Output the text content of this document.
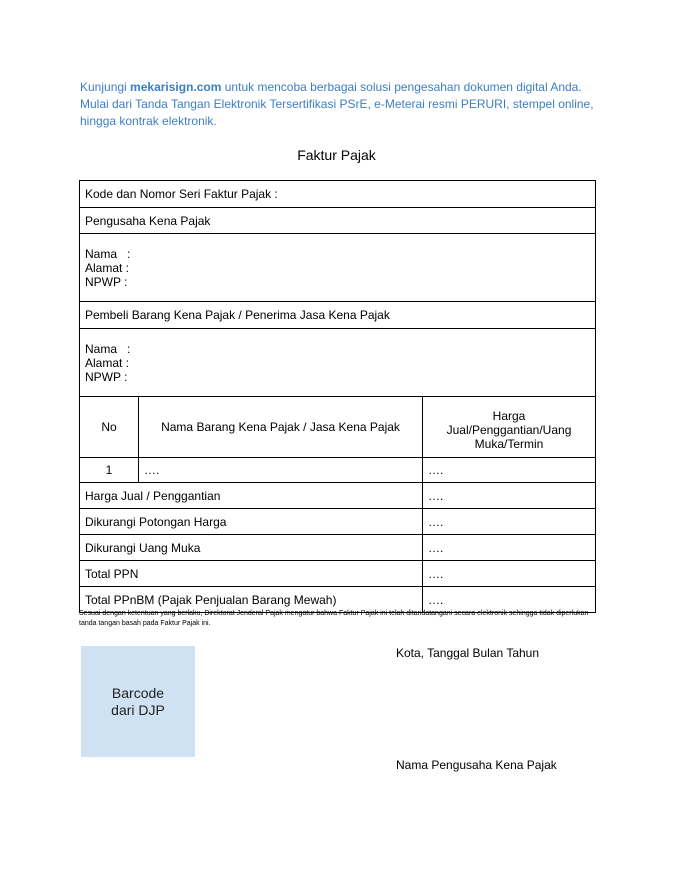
Kunjungi mekarisign.com untuk mencoba berbagai solusi pengesahan dokumen digital Anda. Mulai dari Tanda Tangan Elektronik Tersertifikasi PSrE, e-Meterai resmi PERURI, stempel online, hingga kontrak elektronik.

Faktur Pajak
Kode dan Nomor Seri Faktur Pajak :		
Pengusaha Kena Pajak		

Nama   :
Alamat :
NPWP :		

Pembeli Barang Kena Pajak / Penerima Jasa Kena Pajak		

Nama   :
Alamat :
NPWP :		

No	Nama Barang Kena Pajak / Jasa Kena Pajak	Harga Jual/Penggantian/Uang Muka/Termin
1	….	….
Harga Jual / Penggantian		….
Dikurangi Potongan Harga		….
Dikurangi Uang Muka		….
Total PPN		….
Total PPnBM (Pajak Penjualan Barang Mewah)		….
Sesuai dengan ketentuan yang berlaku, Direktorat Jenderal Pajak mengatur bahwa Faktur Pajak ini telah ditandatangani secara elektronik sehingga tidak diperlukan tanda tangan basah pada Faktur Pajak ini.
Barcode
dari DJP
Kota, Tanggal Bulan Tahun
Nama Pengusaha Kena Pajak
